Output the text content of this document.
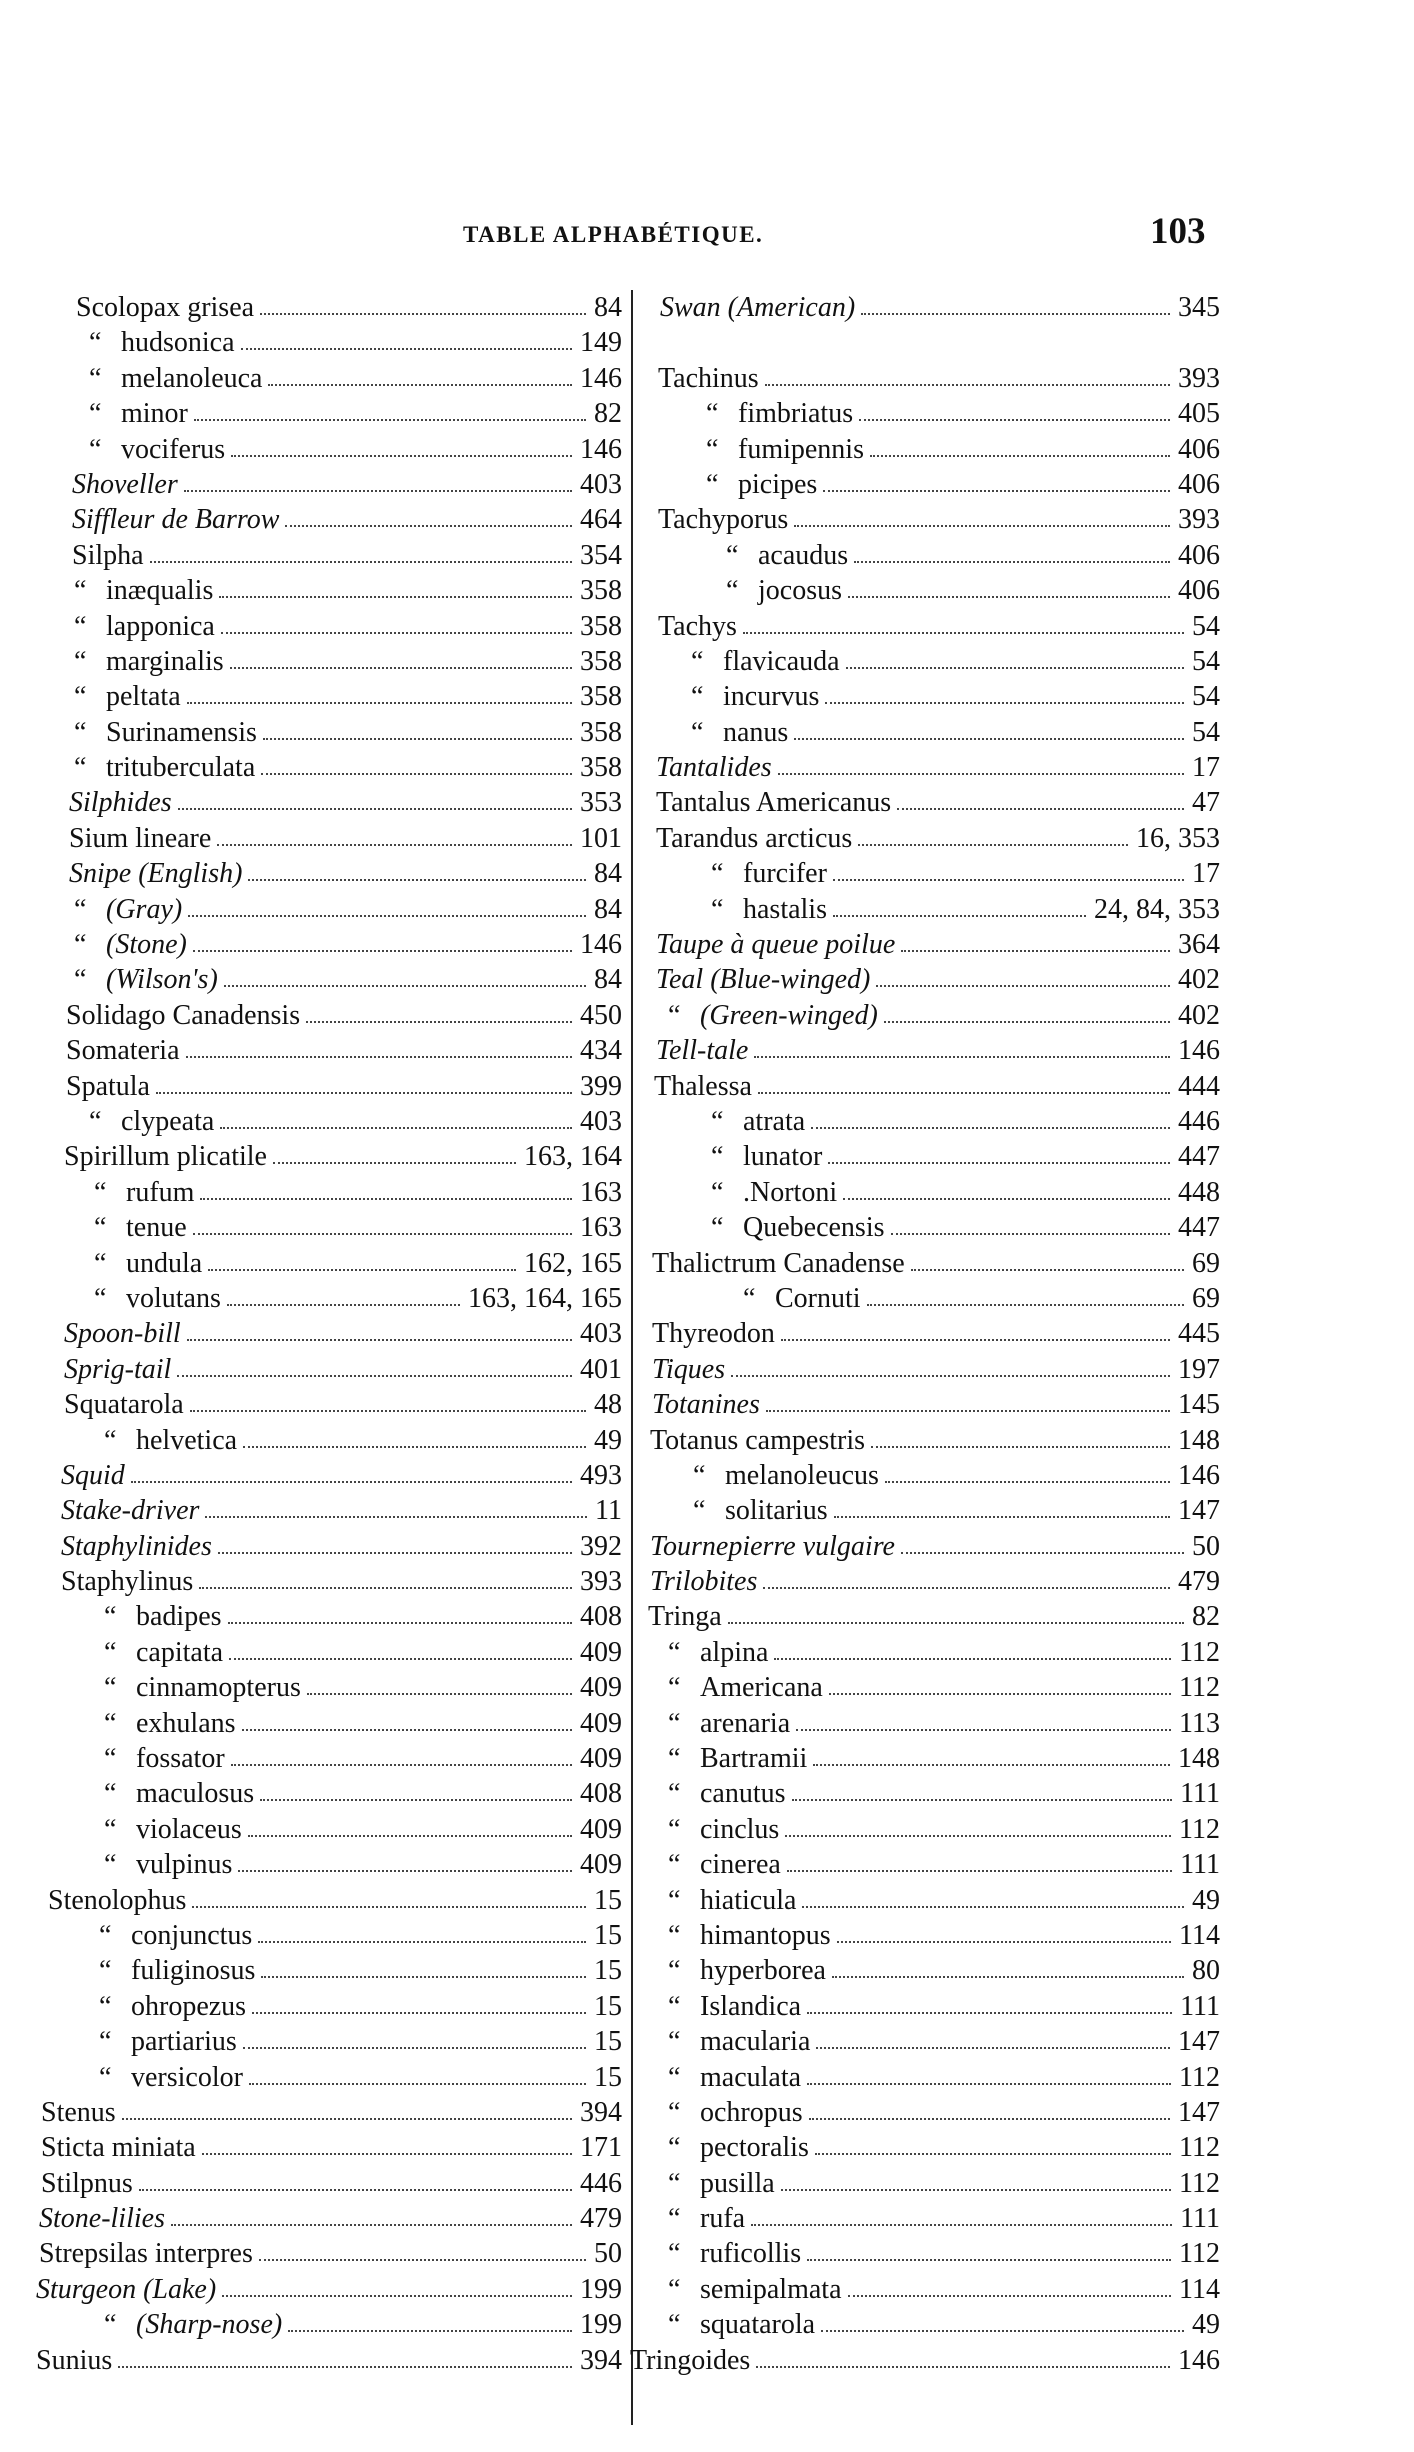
TABLE ALPHABÉTIQUE.	103
Scolopax grisea	84
“ hudsonica	149
“ melanoleuca	146
“ minor	82
“ vociferus	146
Shoveller	403
Siffleur de Barrow	464
Silpha	354
“ inæqualis	358
“ lapponica	358
“ marginalis	358
“ peltata	358
“ Surinamensis	358
“ trituberculata	358
Silphides	353
Sium lineare	101
Snipe (English)	84
“ (Gray)	84
“ (Stone)	146
“ (Wilson's)	84
Solidago Canadensis	450
Somateria	434
Spatula	399
“ clypeata	403
Spirillum plicatile	163, 164
“ rufum	163
“ tenue	163
“ undula	162, 165
“ volutans	163, 164, 165
Spoon-bill	403
Sprig-tail	401
Squatarola	48
“ helvetica	49
Squid	493
Stake-driver	11
Staphylinides	392
Staphylinus	393
“ badipes	408
“ capitata	409
“ cinnamopterus	409
“ exhulans	409
“ fossator	409
“ maculosus	408
“ violaceus	409
“ vulpinus	409
Stenolophus	15
“ conjunctus	15
“ fuliginosus	15
“ ohropezus	15
“ partiarius	15
“ versicolor	15
Stenus	394
Sticta miniata	171
Stilpnus	446
Stone-lilies	479
Strepsilas interpres	50
Sturgeon (Lake)	199
“ (Sharp-nose)	199
Sunius	394
Swan (American)	345
Tachinus	393
“ fimbriatus	405
“ fumipennis	406
“ picipes	406
Tachyporus	393
“ acaudus	406
“ jocosus	406
Tachys	54
“ flavicauda	54
“ incurvus	54
“ nanus	54
Tantalides	17
Tantalus Americanus	47
Tarandus arcticus	16, 353
“ furcifer	17
“ hastalis	24, 84, 353
Taupe à queue poilue	364
Teal (Blue-winged)	402
“ (Green-winged)	402
Tell-tale	146
Thalessa	444
“ atrata	446
“ lunator	447
“ .Nortoni	448
“ Quebecensis	447
Thalictrum Canadense	69
“ Cornuti	69
Thyreodon	445
Tiques	197
Totanines	145
Totanus campestris	148
“ melanoleucus	146
“ solitarius	147
Tournepierre vulgaire	50
Trilobites	479
Tringa	82
“ alpina	112
“ Americana	112
“ arenaria	113
“ Bartramii	148
“ canutus	111
“ cinclus	112
“ cinerea	111
“ hiaticula	49
“ himantopus	114
“ hyperborea	80
“ Islandica	111
“ macularia	147
“ maculata	112
“ ochropus	147
“ pectoralis	112
“ pusilla	112
“ rufa	111
“ ruficollis	112
“ semipalmata	114
“ squatarola	49
Tringoides	146
